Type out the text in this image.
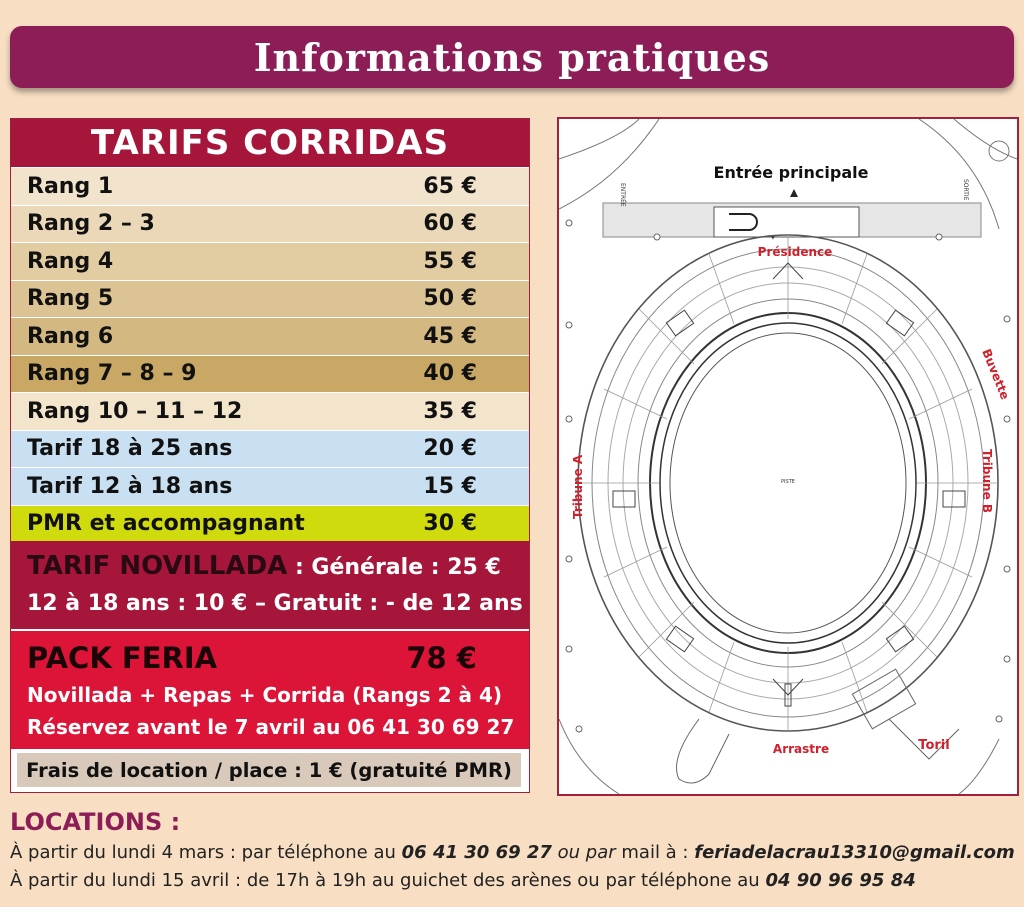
Informations pratiques
TARIFS CORRIDAS
Rang 1	65 €
Rang 2 – 3	60 €
Rang 4	55 €
Rang 5	50 €
Rang 6	45 €
Rang 7 – 8 – 9	40 €
Rang 10 – 11 – 12	35 €
Tarif 18 à 25 ans	20 €
Tarif 12 à 18 ans	15 €
PMR et accompagnant	30 €
TARIF NOVILLADA : Générale : 25 €
12 à 18 ans : 10 € – Gratuit : - de 12 ans
PACK FERIA	78 €
Novillada + Repas + Corrida (Rangs 2 à 4)
Réservez avant le 7 avril au 06 41 30 69 27
Frais de location / place : 1 € (gratuité PMR)
ENTRÉE	SORTIE
▼
PISTE
Entrée principale
Présidence
Buvette
Tribune A	Tribune B
Arrastre	Toril
LOCATIONS :
À partir du lundi 4 mars : par téléphone au 06 41 30 69 27 ou par mail à : feriadelacrau13310@gmail.com
À partir du lundi 15 avril : de 17h à 19h au guichet des arènes ou par téléphone au 04 90 96 95 84
